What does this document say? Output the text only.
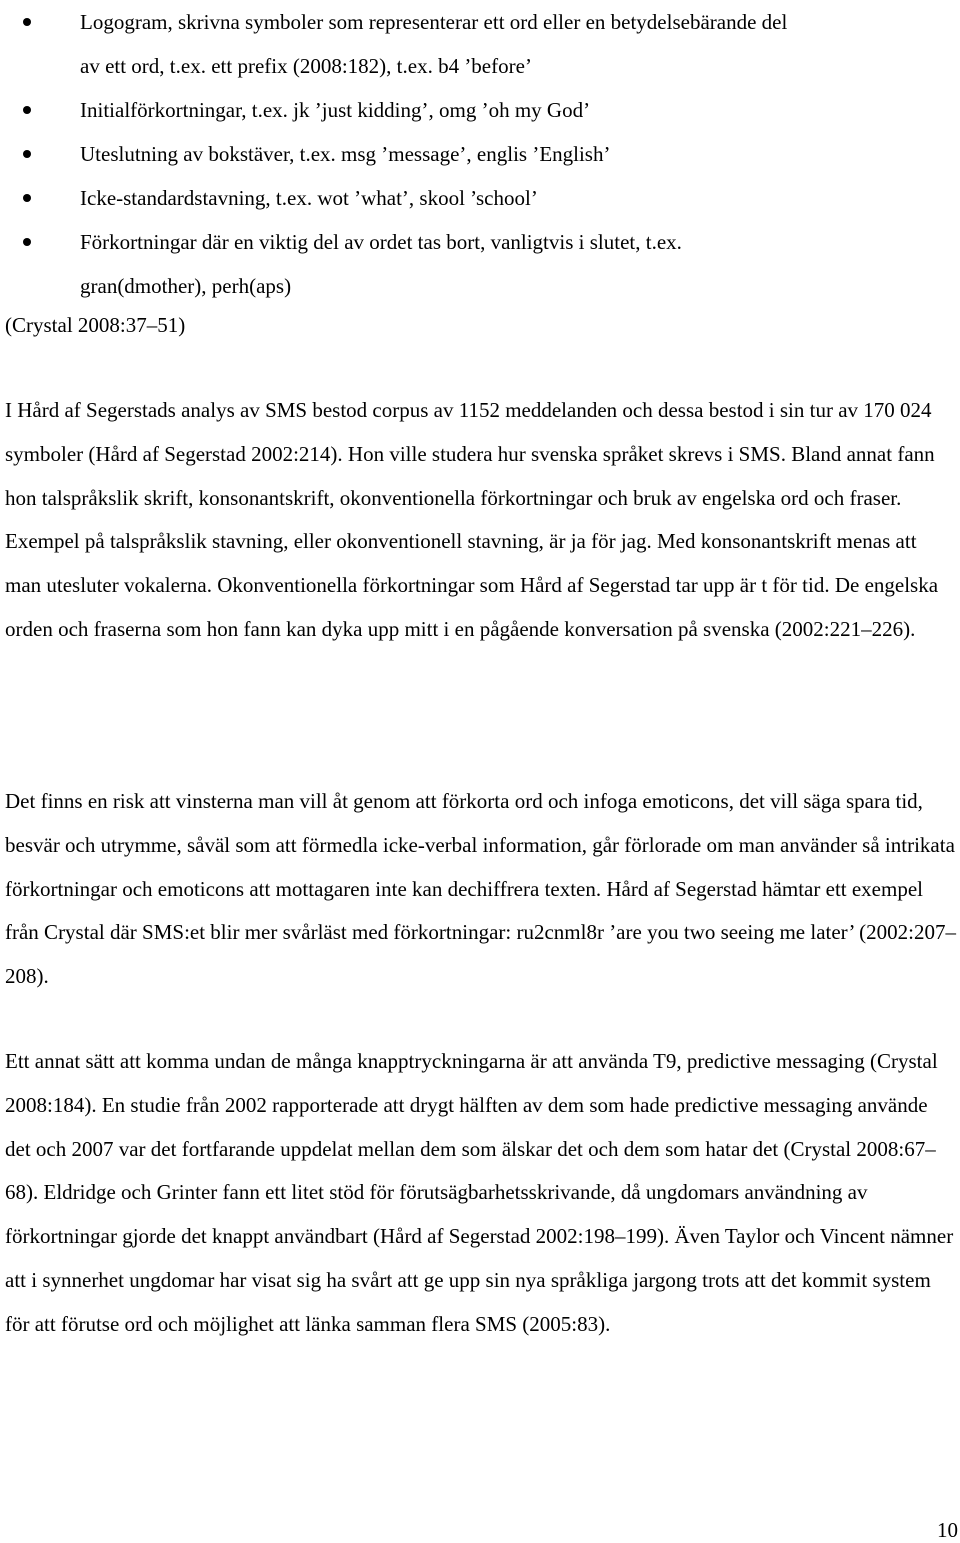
Logogram, skrivna symboler som representerar ett ord eller en betydelsebärande del
av ett ord, t.ex. ett prefix (2008:182), t.ex. b4 ’before’
Initialförkortningar, t.ex. jk ’just kidding’, omg ’oh my God’
Uteslutning av bokstäver, t.ex. msg ’message’, englis ’English’
Icke-standardstavning, t.ex. wot ’what’, skool ’school’
Förkortningar där en viktig del av ordet tas bort, vanligtvis i slutet, t.ex.
gran(dmother), perh(aps)
(Crystal 2008:37–51)

I Hård af Segerstads analys av SMS bestod corpus av 1152 meddelanden och dessa bestod i sin tur av 170 024 symboler (Hård af Segerstad 2002:214). Hon ville studera hur svenska språket skrevs i SMS. Bland annat fann hon talspråkslik skrift, konsonantskrift, okonventionella förkortningar och bruk av engelska ord och fraser. Exempel på talspråkslik stavning, eller okonventionell stavning, är ja för jag. Med konsonantskrift menas att man utesluter vokalerna. Okonventionella förkortningar som Hård af Segerstad tar upp är t för tid. De engelska orden och fraserna som hon fann kan dyka upp mitt i en pågående konversation på svenska (2002:221–226).

Det finns en risk att vinsterna man vill åt genom att förkorta ord och infoga emoticons, det vill säga spara tid, besvär och utrymme, såväl som att förmedla icke-verbal information, går förlorade om man använder så intrikata förkortningar och emoticons att mottagaren inte kan dechiffrera texten. Hård af Segerstad hämtar ett exempel från Crystal där SMS:et blir mer svårläst med förkortningar: ru2cnml8r ’are you two seeing me later’ (2002:207–208).

Ett annat sätt att komma undan de många knapptryckningarna är att använda T9, predictive messaging (Crystal 2008:184). En studie från 2002 rapporterade att drygt hälften av dem som hade predictive messaging använde det och 2007 var det fortfarande uppdelat mellan dem som älskar det och dem som hatar det (Crystal 2008:67–68). Eldridge och Grinter fann ett litet stöd för förutsägbarhetsskrivande, då ungdomars användning av förkortningar gjorde det knappt användbart (Hård af Segerstad 2002:198–199). Även Taylor och Vincent nämner att i synnerhet ungdomar har visat sig ha svårt att ge upp sin nya språkliga jargong trots att det kommit system för att förutse ord och möjlighet att länka samman flera SMS (2005:83).

10
